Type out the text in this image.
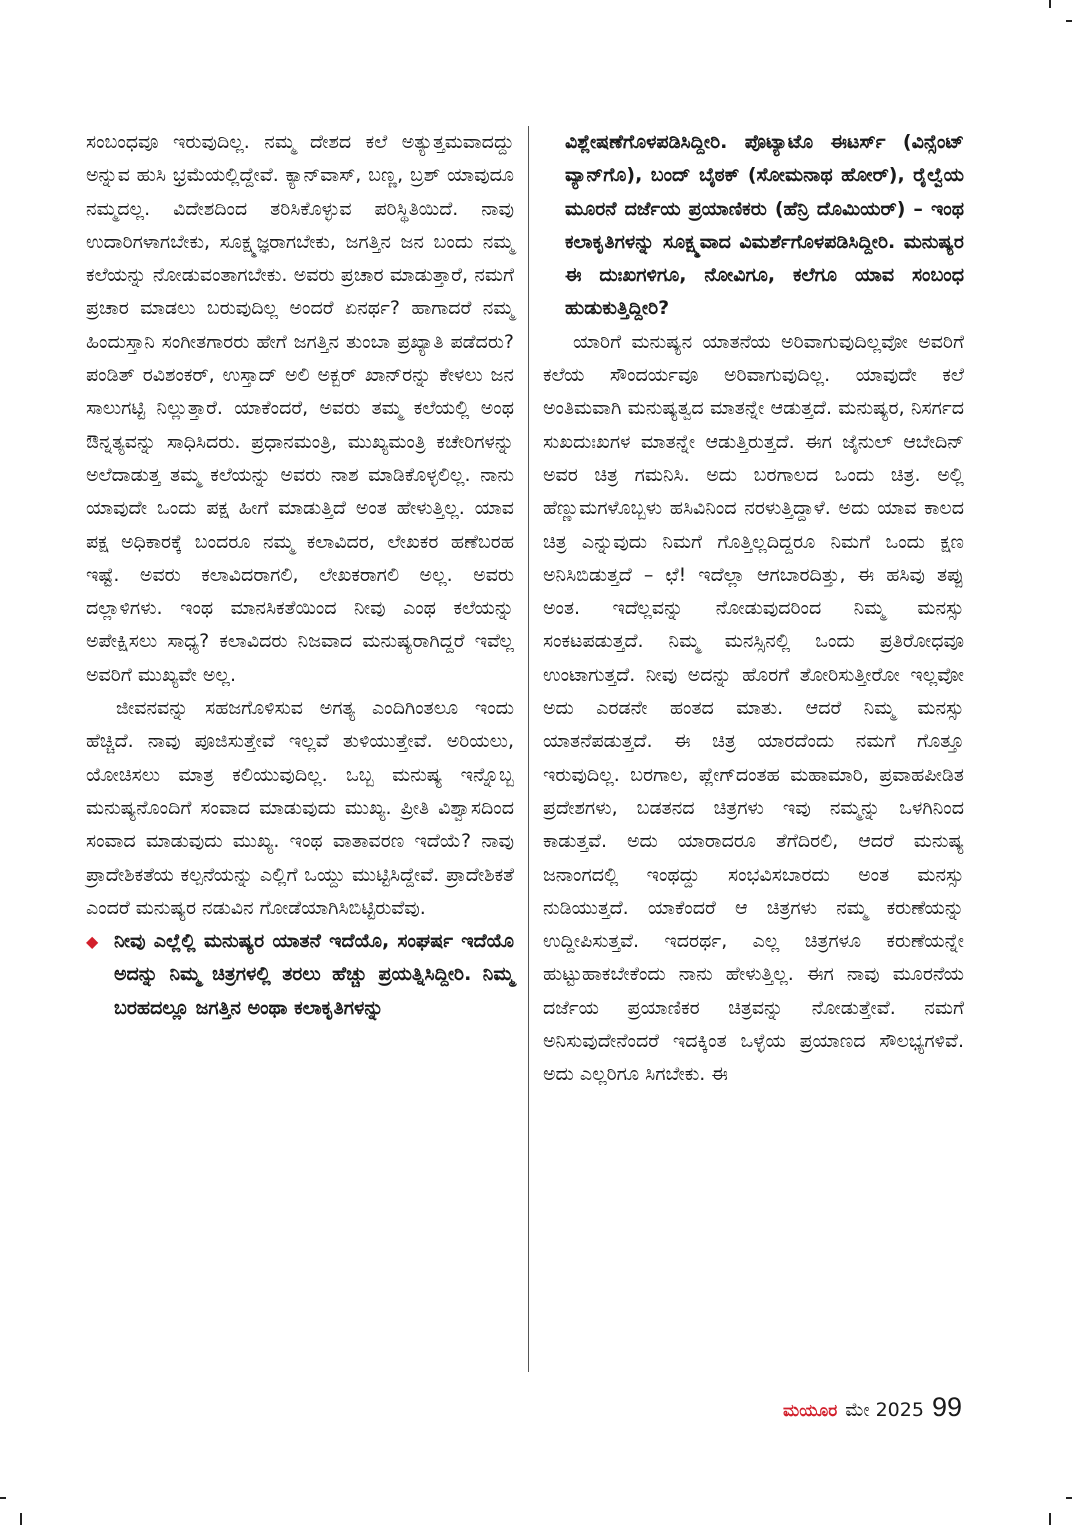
ಸಂಬಂಧವೂ ಇರುವುದಿಲ್ಲ. ನಮ್ಮ ದೇಶದ ಕಲೆ ಅತ್ಯುತ್ತಮವಾದದ್ದು ಅನ್ನುವ ಹುಸಿ ಭ್ರಮೆಯಲ್ಲಿದ್ದೇವೆ. ಕ್ಯಾನ್‌ವಾಸ್, ಬಣ್ಣ, ಬ್ರಶ್ ಯಾವುದೂ ನಮ್ಮದಲ್ಲ. ವಿದೇಶದಿಂದ ತರಿಸಿಕೊಳ್ಳುವ ಪರಿಸ್ಥಿತಿಯಿದೆ. ನಾವು ಉದಾರಿಗಳಾಗಬೇಕು, ಸೂಕ್ಷ್ಮಜ್ಞರಾಗಬೇಕು, ಜಗತ್ತಿನ ಜನ ಬಂದು ನಮ್ಮ ಕಲೆಯನ್ನು ನೋಡುವಂತಾಗಬೇಕು. ಅವರು ಪ್ರಚಾರ ಮಾಡುತ್ತಾರೆ, ನಮಗೆ ಪ್ರಚಾರ ಮಾಡಲು ಬರುವುದಿಲ್ಲ ಅಂದರೆ ಏನರ್ಥ? ಹಾಗಾದರೆ ನಮ್ಮ ಹಿಂದುಸ್ತಾನಿ ಸಂಗೀತಗಾರರು ಹೇಗೆ ಜಗತ್ತಿನ ತುಂಬಾ ಪ್ರಖ್ಯಾತಿ ಪಡೆದರು? ಪಂಡಿತ್ ರವಿಶಂಕರ್, ಉಸ್ತಾದ್ ಅಲಿ ಅಕ್ಬರ್ ಖಾನ್‌ರನ್ನು ಕೇಳಲು ಜನ ಸಾಲುಗಟ್ಟಿ ನಿಲ್ಲುತ್ತಾರೆ. ಯಾಕೆಂದರೆ, ಅವರು ತಮ್ಮ ಕಲೆಯಲ್ಲಿ ಅಂಥ ಔನ್ನತ್ಯವನ್ನು ಸಾಧಿಸಿದರು. ಪ್ರಧಾನಮಂತ್ರಿ, ಮುಖ್ಯಮಂತ್ರಿ ಕಚೇರಿಗಳನ್ನು ಅಲೆದಾಡುತ್ತ ತಮ್ಮ ಕಲೆಯನ್ನು ಅವರು ನಾಶ ಮಾಡಿಕೊಳ್ಳಲಿಲ್ಲ. ನಾನು ಯಾವುದೇ ಒಂದು ಪಕ್ಷ ಹೀಗೆ ಮಾಡುತ್ತಿದೆ ಅಂತ ಹೇಳುತ್ತಿಲ್ಲ. ಯಾವ ಪಕ್ಷ ಅಧಿಕಾರಕ್ಕೆ ಬಂದರೂ ನಮ್ಮ ಕಲಾವಿದರ, ಲೇಖಕರ ಹಣೆಬರಹ ಇಷ್ಟೆ. ಅವರು ಕಲಾವಿದರಾಗಲಿ, ಲೇಖಕರಾಗಲಿ ಅಲ್ಲ. ಅವರು ದಲ್ಲಾಳಿಗಳು. ಇಂಥ ಮಾನಸಿಕತೆಯಿಂದ ನೀವು ಎಂಥ ಕಲೆಯನ್ನು ಅಪೇಕ್ಷಿಸಲು ಸಾಧ್ಯ? ಕಲಾವಿದರು ನಿಜವಾದ ಮನುಷ್ಯರಾಗಿದ್ದರೆ ಇವೆಲ್ಲ ಅವರಿಗೆ ಮುಖ್ಯವೇ ಅಲ್ಲ.

ಜೀವನವನ್ನು ಸಹಜಗೊಳಿಸುವ ಅಗತ್ಯ ಎಂದಿಗಿಂತಲೂ ಇಂದು ಹೆಚ್ಚಿದೆ. ನಾವು ಪೂಜಿಸುತ್ತೇವೆ ಇಲ್ಲವೆ ತುಳಿಯುತ್ತೇವೆ. ಅರಿಯಲು, ಯೋಚಿಸಲು ಮಾತ್ರ ಕಲಿಯುವುದಿಲ್ಲ. ಒಬ್ಬ ಮನುಷ್ಯ ಇನ್ನೊಬ್ಬ ಮನುಷ್ಯನೊಂದಿಗೆ ಸಂವಾದ ಮಾಡುವುದು ಮುಖ್ಯ. ಪ್ರೀತಿ ವಿಶ್ವಾಸದಿಂದ ಸಂವಾದ ಮಾಡುವುದು ಮುಖ್ಯ. ಇಂಥ ವಾತಾವರಣ ಇದೆಯೆ? ನಾವು ಪ್ರಾದೇಶಿಕತೆಯ ಕಲ್ಪನೆಯನ್ನು ಎಲ್ಲಿಗೆ ಒಯ್ದು ಮುಟ್ಟಿಸಿದ್ದೇವೆ. ಪ್ರಾದೇಶಿಕತೆ ಎಂದರೆ ಮನುಷ್ಯರ ನಡುವಿನ ಗೋಡೆಯಾಗಿಸಿಬಿಟ್ಟಿರುವೆವು.

◆ ನೀವು ಎಲ್ಲೆಲ್ಲಿ ಮನುಷ್ಯರ ಯಾತನೆ ಇದೆಯೊ, ಸಂಘರ್ಷ ಇದೆಯೊ ಅದನ್ನು ನಿಮ್ಮ ಚಿತ್ರಗಳಲ್ಲಿ ತರಲು ಹೆಚ್ಚು ಪ್ರಯತ್ನಿಸಿದ್ದೀರಿ. ನಿಮ್ಮ ಬರಹದಲ್ಲೂ ಜಗತ್ತಿನ ಅಂಥಾ ಕಲಾಕೃತಿಗಳನ್ನು

ವಿಶ್ಲೇಷಣೆಗೊಳಪಡಿಸಿದ್ದೀರಿ. ಪೊಟ್ಯಾಟೊ ಈಟರ್ಸ್ (ವಿನ್ಸೆಂಟ್ ವ್ಯಾನ್‌ಗೊ), ಬಂದ್ ಬೈಠಕ್ (ಸೋಮನಾಥ ಹೋರ್), ರೈಲ್ವೆಯ ಮೂರನೆ ದರ್ಜೆಯ ಪ್ರಯಾಣಿಕರು (ಹೆನ್ರಿ ದೊಮಿಯರ್) – ಇಂಥ ಕಲಾಕೃತಿಗಳನ್ನು ಸೂಕ್ಷ್ಮವಾದ ವಿಮರ್ಶೆಗೊಳಪಡಿಸಿದ್ದೀರಿ. ಮನುಷ್ಯರ ಈ ದುಃಖಗಳಿಗೂ, ನೋವಿಗೂ, ಕಲೆಗೂ ಯಾವ ಸಂಬಂಧ ಹುಡುಕುತ್ತಿದ್ದೀರಿ?

ಯಾರಿಗೆ ಮನುಷ್ಯನ ಯಾತನೆಯ ಅರಿವಾಗುವುದಿಲ್ಲವೋ ಅವರಿಗೆ ಕಲೆಯ ಸೌಂದರ್ಯವೂ ಅರಿವಾಗುವುದಿಲ್ಲ. ಯಾವುದೇ ಕಲೆ ಅಂತಿಮವಾಗಿ ಮನುಷ್ಯತ್ವದ ಮಾತನ್ನೇ ಆಡುತ್ತದೆ. ಮನುಷ್ಯರ, ನಿಸರ್ಗದ ಸುಖದುಃಖಗಳ ಮಾತನ್ನೇ ಆಡುತ್ತಿರುತ್ತದೆ. ಈಗ ಜೈನುಲ್ ಆಬೇದಿನ್ ಅವರ ಚಿತ್ರ ಗಮನಿಸಿ. ಅದು ಬರಗಾಲದ ಒಂದು ಚಿತ್ರ. ಅಲ್ಲಿ ಹೆಣ್ಣುಮಗಳೊಬ್ಬಳು ಹಸಿವಿನಿಂದ ನರಳುತ್ತಿದ್ದಾಳೆ. ಅದು ಯಾವ ಕಾಲದ ಚಿತ್ರ ಎನ್ನುವುದು ನಿಮಗೆ ಗೊತ್ತಿಲ್ಲದಿದ್ದರೂ ನಿಮಗೆ ಒಂದು ಕ್ಷಣ ಅನಿಸಿಬಿಡುತ್ತದೆ – ಛೆ! ಇದೆಲ್ಲಾ ಆಗಬಾರದಿತ್ತು, ಈ ಹಸಿವು ತಪ್ಪು ಅಂತ. ಇದೆಲ್ಲವನ್ನು ನೋಡುವುದರಿಂದ ನಿಮ್ಮ ಮನಸ್ಸು ಸಂಕಟಪಡುತ್ತದೆ. ನಿಮ್ಮ ಮನಸ್ಸಿನಲ್ಲಿ ಒಂದು ಪ್ರತಿರೋಧವೂ ಉಂಟಾಗುತ್ತದೆ. ನೀವು ಅದನ್ನು ಹೊರಗೆ ತೋರಿಸುತ್ತೀರೋ ಇಲ್ಲವೋ ಅದು ಎರಡನೇ ಹಂತದ ಮಾತು. ಆದರೆ ನಿಮ್ಮ ಮನಸ್ಸು ಯಾತನೆಪಡುತ್ತದೆ. ಈ ಚಿತ್ರ ಯಾರದೆಂದು ನಮಗೆ ಗೊತ್ತೂ ಇರುವುದಿಲ್ಲ. ಬರಗಾಲ, ಪ್ಲೇಗ್‌ದಂತಹ ಮಹಾಮಾರಿ, ಪ್ರವಾಹಪೀಡಿತ ಪ್ರದೇಶಗಳು, ಬಡತನದ ಚಿತ್ರಗಳು ಇವು ನಮ್ಮನ್ನು ಒಳಗಿನಿಂದ ಕಾಡುತ್ತವೆ. ಅದು ಯಾರಾದರೂ ತೆಗೆದಿರಲಿ, ಆದರೆ ಮನುಷ್ಯ ಜನಾಂಗದಲ್ಲಿ ಇಂಥದ್ದು ಸಂಭವಿಸಬಾರದು ಅಂತ ಮನಸ್ಸು ನುಡಿಯುತ್ತದೆ. ಯಾಕೆಂದರೆ ಆ ಚಿತ್ರಗಳು ನಮ್ಮ ಕರುಣೆಯನ್ನು ಉದ್ದೀಪಿಸುತ್ತವೆ. ಇದರರ್ಥ, ಎಲ್ಲ ಚಿತ್ರಗಳೂ ಕರುಣೆಯನ್ನೇ ಹುಟ್ಟುಹಾಕಬೇಕೆಂದು ನಾನು ಹೇಳುತ್ತಿಲ್ಲ. ಈಗ ನಾವು ಮೂರನೆಯ ದರ್ಜೆಯ ಪ್ರಯಾಣಿಕರ ಚಿತ್ರವನ್ನು ನೋಡುತ್ತೇವೆ. ನಮಗೆ ಅನಿಸುವುದೇನೆಂದರೆ ಇದಕ್ಕಿಂತ ಒಳ್ಳೆಯ ಪ್ರಯಾಣದ ಸೌಲಭ್ಯಗಳಿವೆ. ಅದು ಎಲ್ಲರಿಗೂ ಸಿಗಬೇಕು. ಈ

ಮಯೂರ ಮೇ 2025 99
